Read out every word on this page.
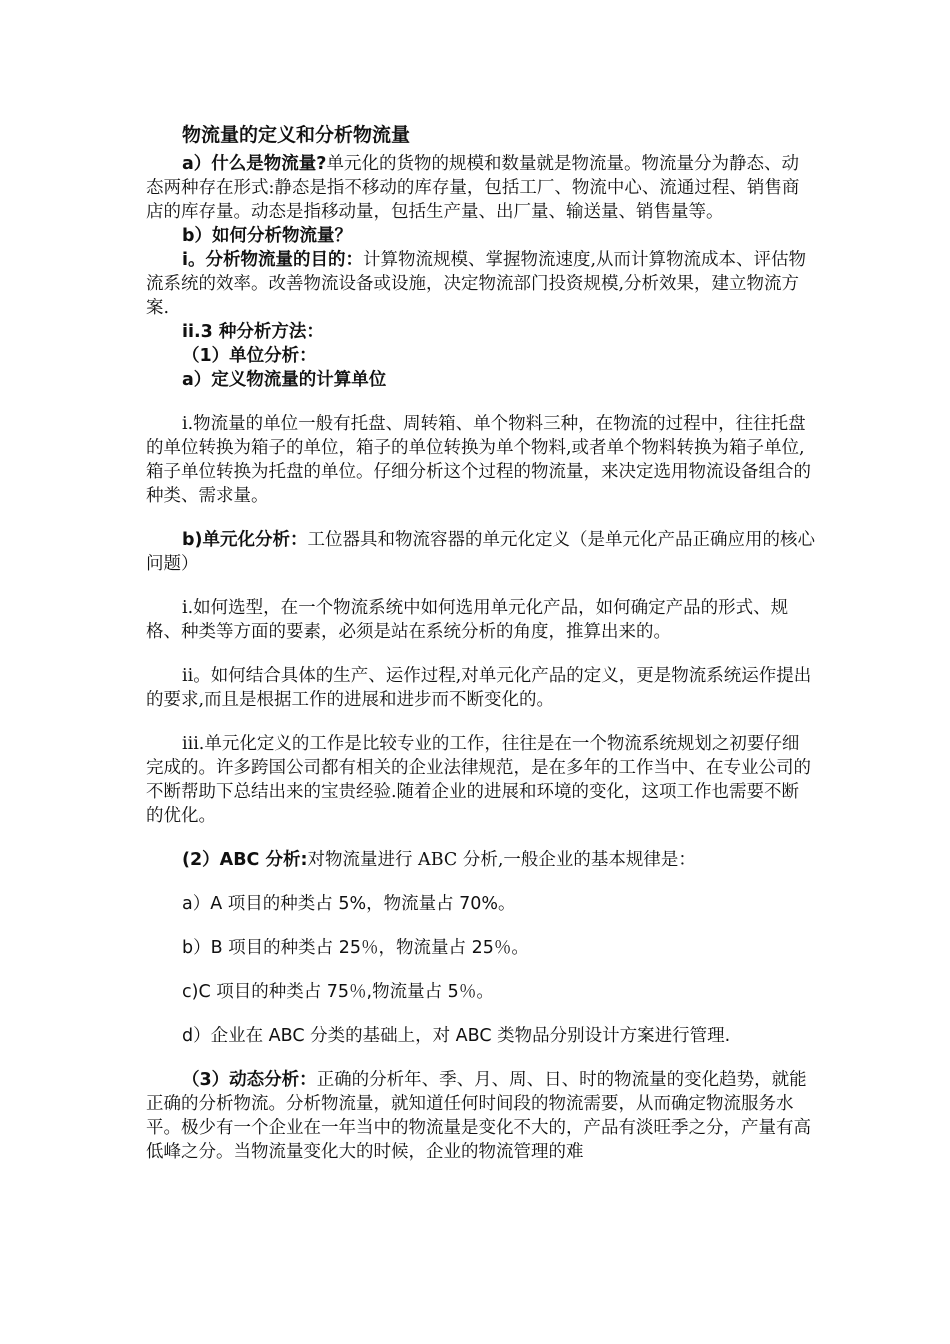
物流量的定义和分析物流量

a）什么是物流量?单元化的货物的规模和数量就是物流量。物流量分为静态、动态两种存在形式:静态是指不移动的库存量，包括工厂、物流中心、流通过程、销售商店的库存量。动态是指移动量，包括生产量、出厂量、输送量、销售量等。

b）如何分析物流量？

i。分析物流量的目的：计算物流规模、掌握物流速度,从而计算物流成本、评估物流系统的效率。改善物流设备或设施，决定物流部门投资规模,分析效果，建立物流方案.

ii.3 种分析方法：

（1）单位分析：

a）定义物流量的计算单位

i.物流量的单位一般有托盘、周转箱、单个物料三种，在物流的过程中，往往托盘的单位转换为箱子的单位，箱子的单位转换为单个物料,或者单个物料转换为箱子单位,箱子单位转换为托盘的单位。仔细分析这个过程的物流量，来决定选用物流设备组合的种类、需求量。

b)单元化分析：工位器具和物流容器的单元化定义（是单元化产品正确应用的核心问题）

i.如何选型，在一个物流系统中如何选用单元化产品，如何确定产品的形式、规格、种类等方面的要素，必须是站在系统分析的角度，推算出来的。

ii。如何结合具体的生产、运作过程,对单元化产品的定义，更是物流系统运作提出的要求,而且是根据工作的进展和进步而不断变化的。

iii.单元化定义的工作是比较专业的工作，往往是在一个物流系统规划之初要仔细完成的。许多跨国公司都有相关的企业法律规范，是在多年的工作当中、在专业公司的不断帮助下总结出来的宝贵经验.随着企业的进展和环境的变化，这项工作也需要不断的优化。

(2）ABC 分析:对物流量进行 ABC 分析,一般企业的基本规律是：

a）A 项目的种类占 5%，物流量占 70%。

b）B 项目的种类占 25％，物流量占 25％。

c)C 项目的种类占 75％,物流量占 5％。

d）企业在 ABC 分类的基础上，对 ABC 类物品分别设计方案进行管理.

（3）动态分析：正确的分析年、季、月、周、日、时的物流量的变化趋势，就能正确的分析物流。分析物流量，就知道任何时间段的物流需要，从而确定物流服务水平。极少有一个企业在一年当中的物流量是变化不大的，产品有淡旺季之分，产量有高低峰之分。当物流量变化大的时候，企业的物流管理的难
